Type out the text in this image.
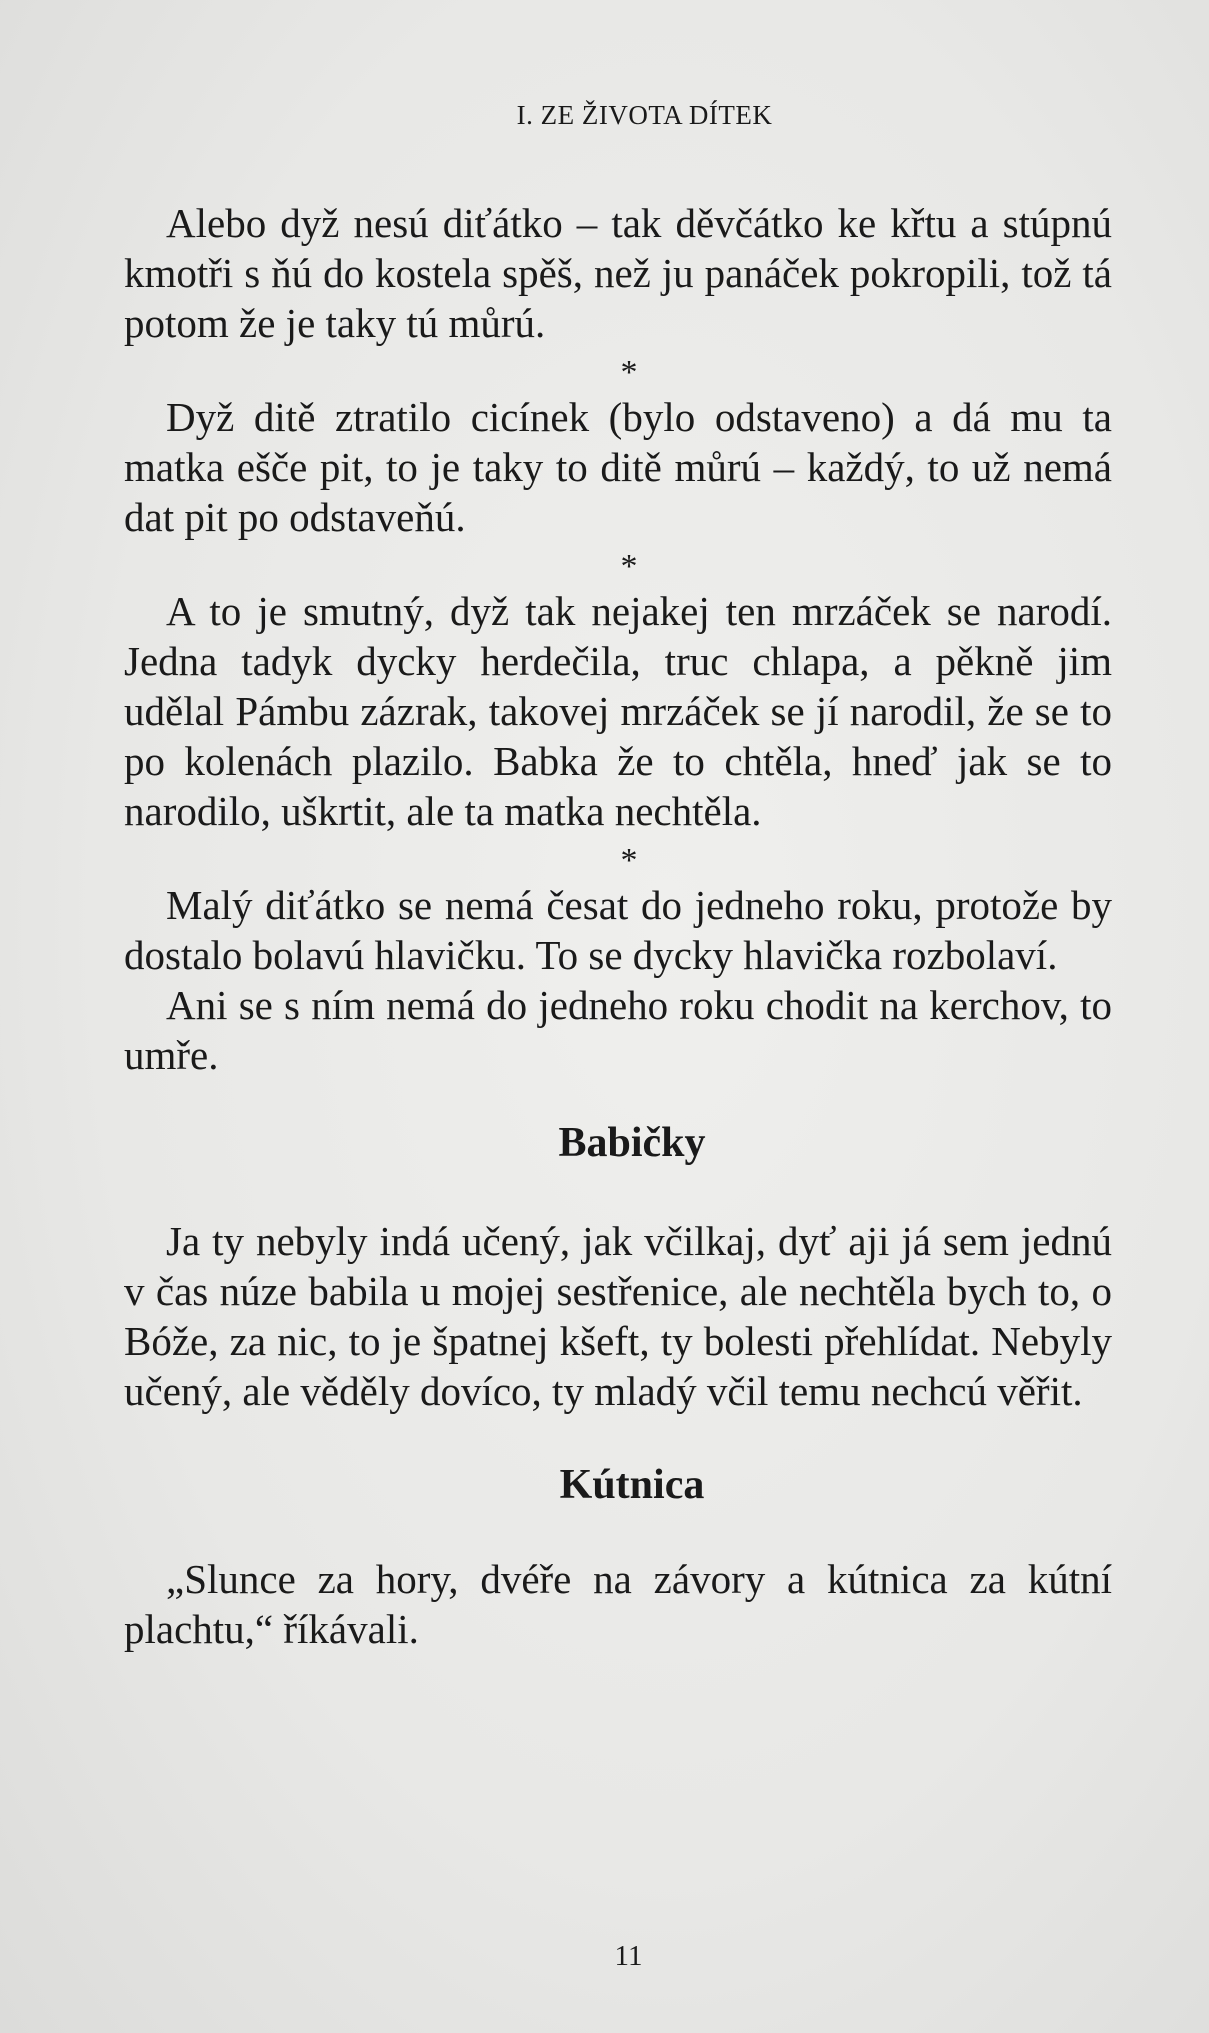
I. ZE ŽIVOTA DÍTEK

Alebo dyž nesú diťátko – tak děvčátko ke křtu a stúpnú kmotři s ňú do kostela spěš, než ju panáček pokropili, tož tá potom že je taky tú můrú.

*

Dyž ditě ztratilo cicínek (bylo odstaveno) a dá mu ta matka ešče pit, to je taky to ditě můrú – každý, to už nemá dat pit po odstaveňú.

*

A to je smutný, dyž tak nejakej ten mrzáček se narodí. Jedna tadyk dycky herdečila, truc chlapa, a pěkně jim udělal Pámbu zázrak, takovej mrzáček se jí narodil, že se to po kolenách plazilo. Babka že to chtěla, hneď jak se to narodilo, uškrtit, ale ta matka nechtěla.

*

Malý diťátko se nemá česat do jedneho roku, protože by dostalo bolavú hlavičku. To se dycky hlavička rozbolaví.

Ani se s ním nemá do jedneho roku chodit na kerchov, to umře.

Babičky

Ja ty nebyly indá učený, jak včilkaj, dyť aji já sem jednú v čas núze babila u mojej sestřenice, ale nechtěla bych to, o Bóže, za nic, to je špatnej kšeft, ty bolesti přehlídat. Nebyly učený, ale věděly dovíco, ty mladý včil temu nechcú věřit.

Kútnica

„Slunce za hory, dvéře na závory a kútnica za kútní plachtu,“ říkávali.

11
